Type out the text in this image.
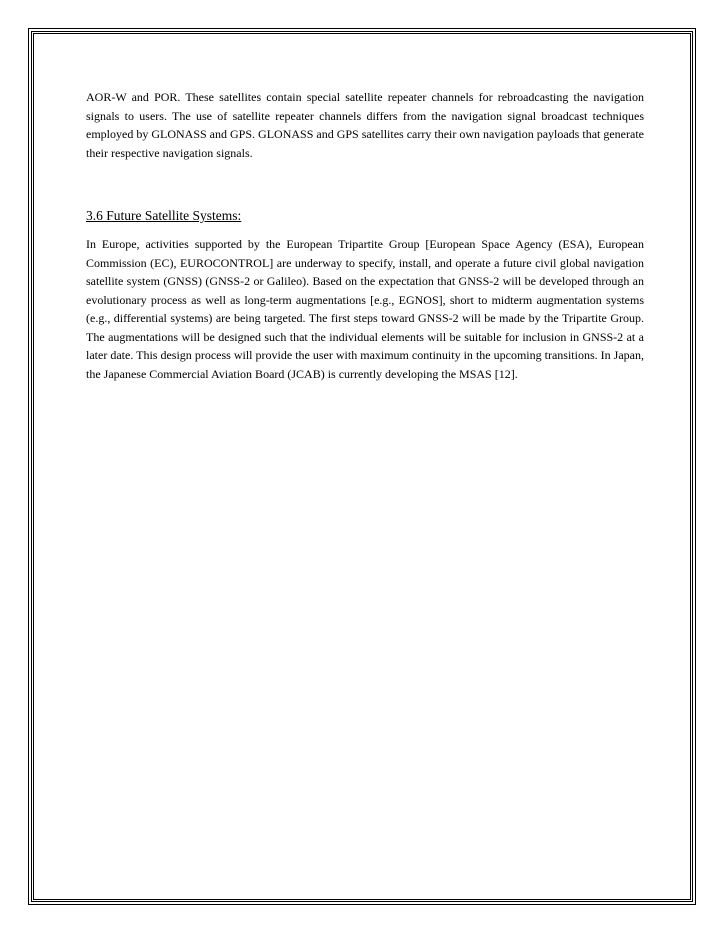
AOR-W and POR. These satellites contain special satellite repeater channels for rebroadcasting the navigation signals to users. The use of satellite repeater channels differs from the navigation signal broadcast techniques employed by GLONASS and GPS. GLONASS and GPS satellites carry their own navigation payloads that generate their respective navigation signals.

3.6 Future Satellite Systems:

In Europe, activities supported by the European Tripartite Group [European Space Agency (ESA), European Commission (EC), EUROCONTROL] are underway to specify, install, and operate a future civil global navigation satellite system (GNSS) (GNSS-2 or Galileo). Based on the expectation that GNSS-2 will be developed through an evolutionary process as well as long-term augmentations [e.g., EGNOS], short to midterm augmentation systems (e.g., differential systems) are being targeted. The first steps toward GNSS-2 will be made by the Tripartite Group. The augmentations will be designed such that the individual elements will be suitable for inclusion in GNSS-2 at a later date. This design process will provide the user with maximum continuity in the upcoming transitions. In Japan, the Japanese Commercial Aviation Board (JCAB) is currently developing the MSAS [12].
